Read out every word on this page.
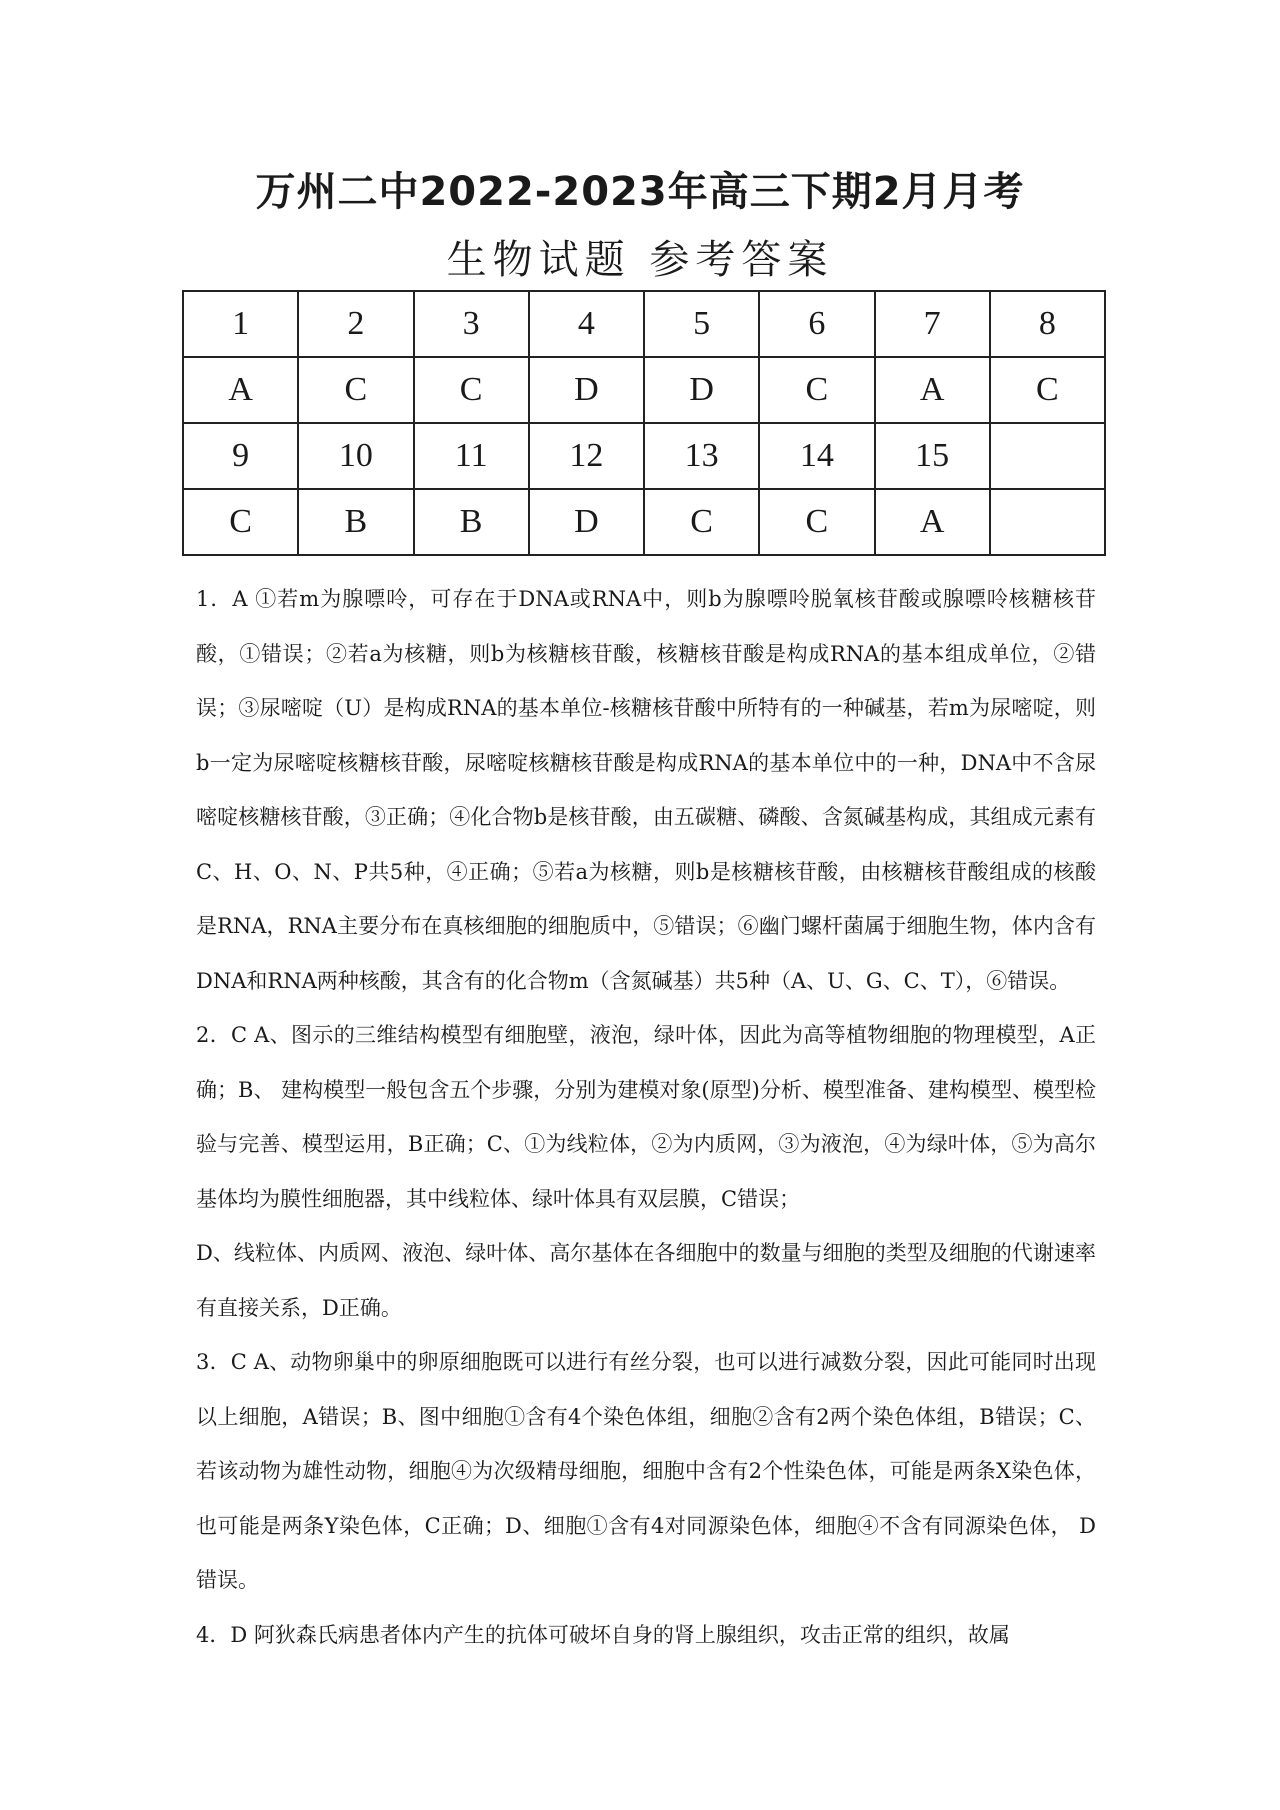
万州二中2022-2023年高三下期2月月考
生物试题 参考答案
1	2	3	4	5	6	7	8
A	C	C	D	D	C	A	C
9	10	11	12	13	14	15	
C	B	B	D	C	C	A	

1．A ①若m为腺嘌呤，可存在于DNA或RNA中，则b为腺嘌呤脱氧核苷酸或腺嘌呤核糖核苷酸，①错误；②若a为核糖，则b为核糖核苷酸，核糖核苷酸是构成RNA的基本组成单位，②错误；③尿嘧啶（U）是构成RNA的基本单位-核糖核苷酸中所特有的一种碱基，若m为尿嘧啶，则b一定为尿嘧啶核糖核苷酸，尿嘧啶核糖核苷酸是构成RNA的基本单位中的一种，DNA中不含尿嘧啶核糖核苷酸，③正确；④化合物b是核苷酸，由五碳糖、磷酸、含氮碱基构成，其组成元素有C、H、O、N、P共5种，④正确；⑤若a为核糖，则b是核糖核苷酸，由核糖核苷酸组成的核酸是RNA，RNA主要分布在真核细胞的细胞质中，⑤错误；⑥幽门螺杆菌属于细胞生物，体内含有DNA和RNA两种核酸，其含有的化合物m（含氮碱基）共5种（A、U、G、C、T），⑥错误。

2．C A、图示的三维结构模型有细胞壁，液泡，绿叶体，因此为高等植物细胞的物理模型，A正确；B、 建构模型一般包含五个步骤，分别为建模对象(原型)分析、模型准备、建构模型、模型检验与完善、模型运用，B正确；C、①为线粒体，②为内质网，③为液泡，④为绿叶体，⑤为高尔基体均为膜性细胞器，其中线粒体、绿叶体具有双层膜，C错误；

D、线粒体、内质网、液泡、绿叶体、高尔基体在各细胞中的数量与细胞的类型及细胞的代谢速率有直接关系，D正确。

3．C A、动物卵巢中的卵原细胞既可以进行有丝分裂，也可以进行减数分裂，因此可能同时出现以上细胞，A错误；B、图中细胞①含有4个染色体组，细胞②含有2两个染色体组，B错误；C、若该动物为雄性动物，细胞④为次级精母细胞，细胞中含有2个性染色体，可能是两条X染色体，也可能是两条Y染色体，C正确；D、细胞①含有4对同源染色体，细胞④不含有同源染色体， D错误。

4．D 阿狄森氏病患者体内产生的抗体可破坏自身的肾上腺组织，攻击正常的组织，故属
